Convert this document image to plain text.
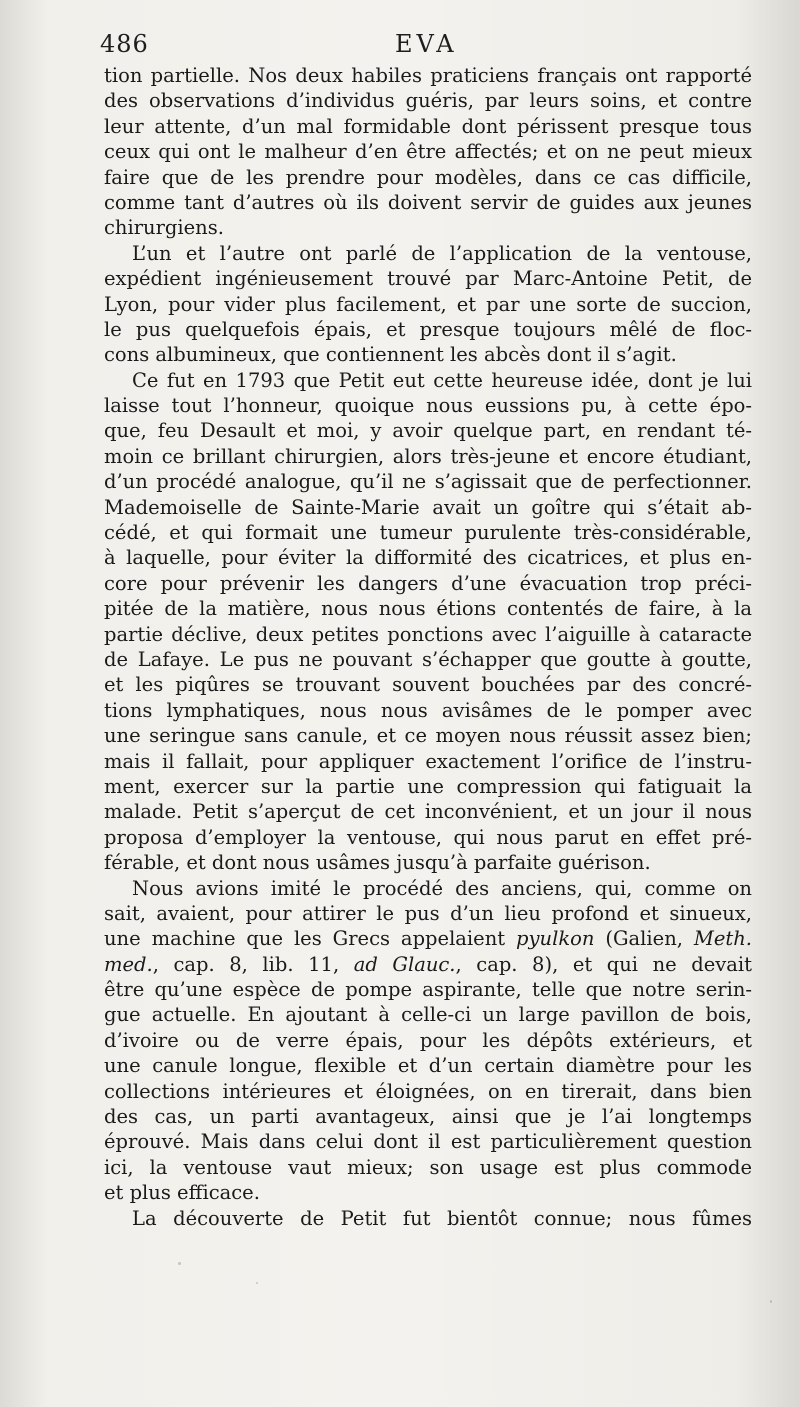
486	EVA
tion partielle. Nos deux habiles praticiens français ont rapporté
des observations d’individus guéris, par leurs soins, et contre
leur attente, d’un mal formidable dont périssent presque tous
ceux qui ont le malheur d’en être affectés; et on ne peut mieux
faire que de les prendre pour modèles, dans ce cas difficile,
comme tant d’autres où ils doivent servir de guides aux jeunes
chirurgiens.
L’un et l’autre ont parlé de l’application de la ventouse,
expédient ingénieusement trouvé par Marc-Antoine Petit, de
Lyon, pour vider plus facilement, et par une sorte de succion,
le pus quelquefois épais, et presque toujours mêlé de floc-
cons albumineux, que contiennent les abcès dont il s’agit.
Ce fut en 1793 que Petit eut cette heureuse idée, dont je lui
laisse tout l’honneur, quoique nous eussions pu, à cette épo-
que, feu Desault et moi, y avoir quelque part, en rendant té-
moin ce brillant chirurgien, alors très-jeune et encore étudiant,
d’un procédé analogue, qu’il ne s’agissait que de perfectionner.
Mademoiselle de Sainte-Marie avait un goître qui s’était ab-
cédé, et qui formait une tumeur purulente très-considérable,
à laquelle, pour éviter la difformité des cicatrices, et plus en-
core pour prévenir les dangers d’une évacuation trop préci-
pitée de la matière, nous nous étions contentés de faire, à la
partie déclive, deux petites ponctions avec l’aiguille à cataracte
de Lafaye. Le pus ne pouvant s’échapper que goutte à goutte,
et les piqûres se trouvant souvent bouchées par des concré-
tions lymphatiques, nous nous avisâmes de le pomper avec
une seringue sans canule, et ce moyen nous réussit assez bien;
mais il fallait, pour appliquer exactement l’orifice de l’instru-
ment, exercer sur la partie une compression qui fatiguait la
malade. Petit s’aperçut de cet inconvénient, et un jour il nous
proposa d’employer la ventouse, qui nous parut en effet pré-
férable, et dont nous usâmes jusqu’à parfaite guérison.
Nous avions imité le procédé des anciens, qui, comme on
sait, avaient, pour attirer le pus d’un lieu profond et sinueux,
une machine que les Grecs appelaient pyulkon (Galien, Meth.
med., cap. 8, lib. 11, ad Glauc., cap. 8), et qui ne devait
être qu’une espèce de pompe aspirante, telle que notre serin-
gue actuelle. En ajoutant à celle-ci un large pavillon de bois,
d’ivoire ou de verre épais, pour les dépôts extérieurs, et
une canule longue, flexible et d’un certain diamètre pour les
collections intérieures et éloignées, on en tirerait, dans bien
des cas, un parti avantageux, ainsi que je l’ai longtemps
éprouvé. Mais dans celui dont il est particulièrement question
ici, la ventouse vaut mieux; son usage est plus commode
et plus efficace.
La découverte de Petit fut bientôt connue; nous fûmes
